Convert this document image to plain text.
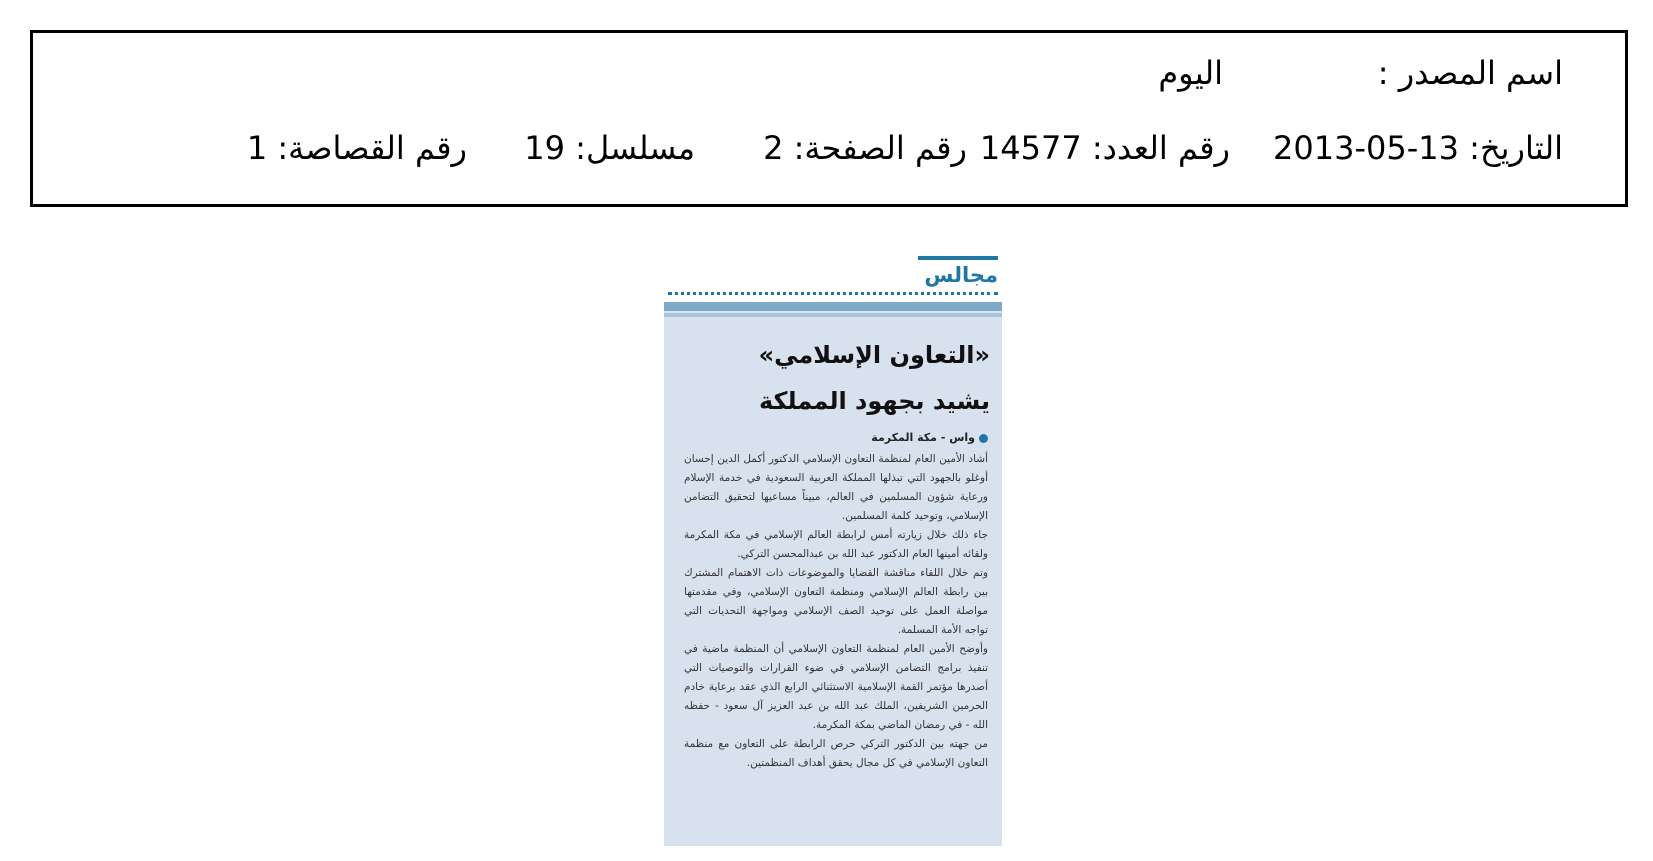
اسم المصدر :
اليوم
التاريخ: 13-05-2013
رقم العدد: 14577
رقم الصفحة: 2
مسلسل: 19
رقم القصاصة: 1
مجالس
«التعاون الإسلامي»
يشيد بجهود المملكة
واس - مكة المكرمة

أشاد الأمين العام لمنظمة التعاون الإسلامي الدكتور أكمل الدين إحسان أوغلو بالجهود التي تبذلها المملكة العربية السعودية في خدمة الإسلام ورعاية شؤون المسلمين في العالم، مبيناً مساعيها لتحقيق التضامن الإسلامي، وتوحيد كلمة المسلمين.

جاء ذلك خلال زيارته أمس لرابطة العالم الإسلامي في مكة المكرمة ولقائه أمينها العام الدكتور عبد الله بن عبدالمحسن التركي.

وتم خلال اللقاء مناقشة القضايا والموضوعات ذات الاهتمام المشترك بين رابطة العالم الإسلامي ومنظمة التعاون الإسلامي، وفي مقدمتها مواصلة العمل على توحيد الصف الإسلامي ومواجهة التحديات التي تواجه الأمة المسلمة.

وأوضح الأمين العام لمنظمة التعاون الإسلامي أن المنظمة ماضية في تنفيذ برامج التضامن الإسلامي في ضوء القرارات والتوصيات التي أصدرها مؤتمر القمة الإسلامية الاستثنائي الرابع الذي عقد برعاية خادم الحرمين الشريفين، الملك عبد الله بن عبد العزيز آل سعود - حفظه الله - في رمضان الماضي بمكة المكرمة.

من جهته بين الدكتور التركي حرص الرابطة على التعاون مع منظمة التعاون الإسلامي في كل مجال يحقق أهداف المنظمتين.
